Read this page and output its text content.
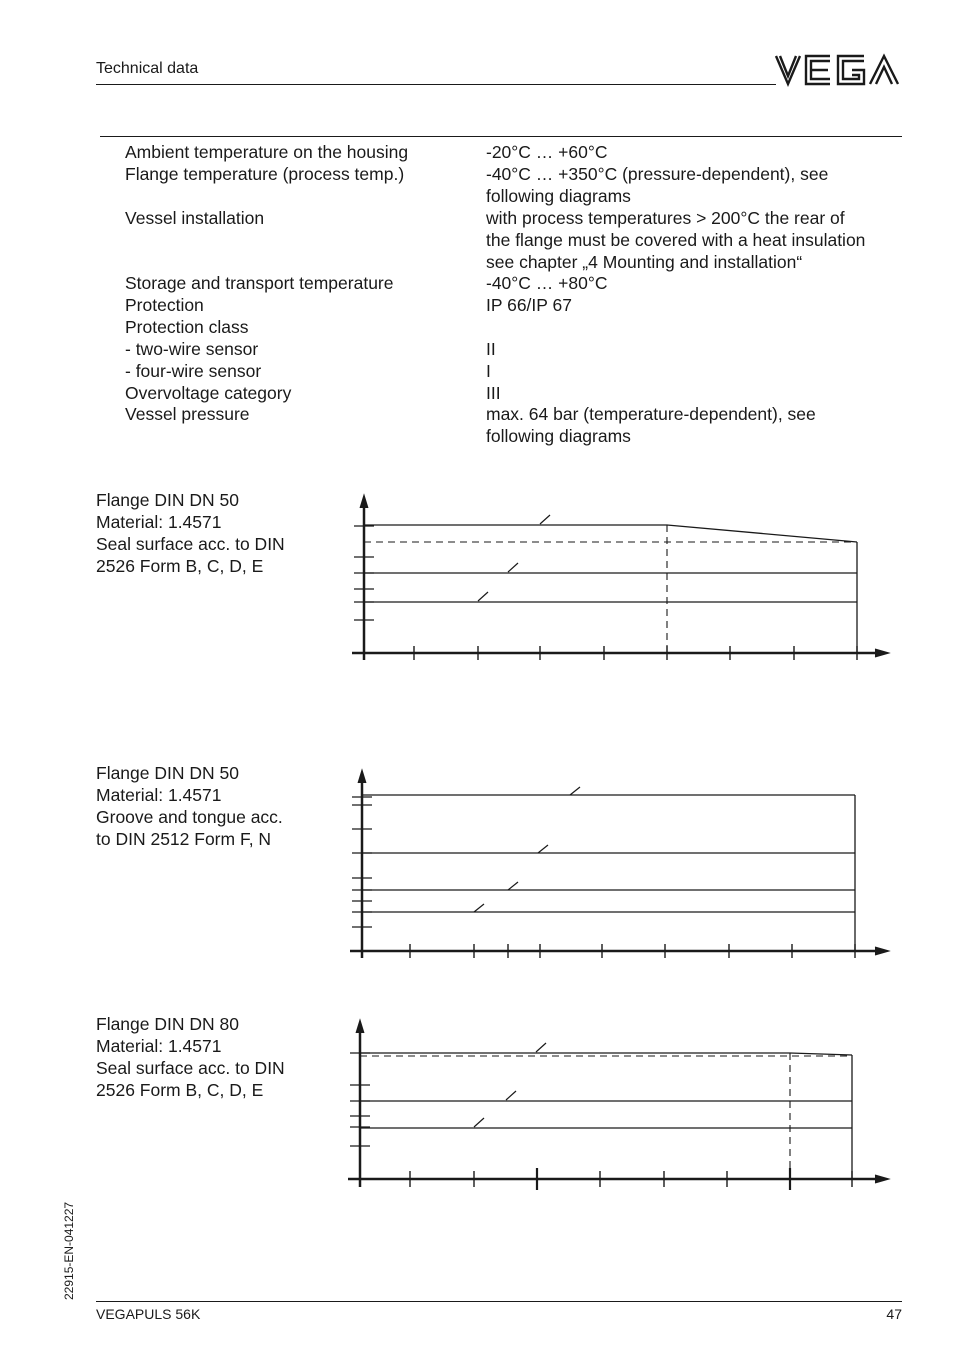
Technical data
Ambient temperature on the housing	-20°C … +60°C
Flange temperature (process temp.)	-40°C … +350°C (pressure-dependent), see
following diagrams
Vessel installation	with process temperatures > 200°C the rear of
the flange must be covered with a heat insulation
see chapter „4 Mounting and installation“
Storage and transport temperature	-40°C … +80°C
Protection	IP 66/IP 67
Protection class
- two-wire sensor	II
- four-wire sensor	I
Overvoltage category	III
Vessel pressure	max. 64 bar (temperature-dependent), see
following diagrams
Flange DIN DN 50
Material: 1.4571
Seal surface acc. to DIN
2526 Form B, C, D, E
Flange DIN DN 50
Material: 1.4571
Groove and tongue acc.
to DIN 2512 Form F, N
Flange DIN DN 80
Material: 1.4571
Seal surface acc. to DIN
2526 Form B, C, D, E
22915-EN-041227
VEGAPULS 56K	47
